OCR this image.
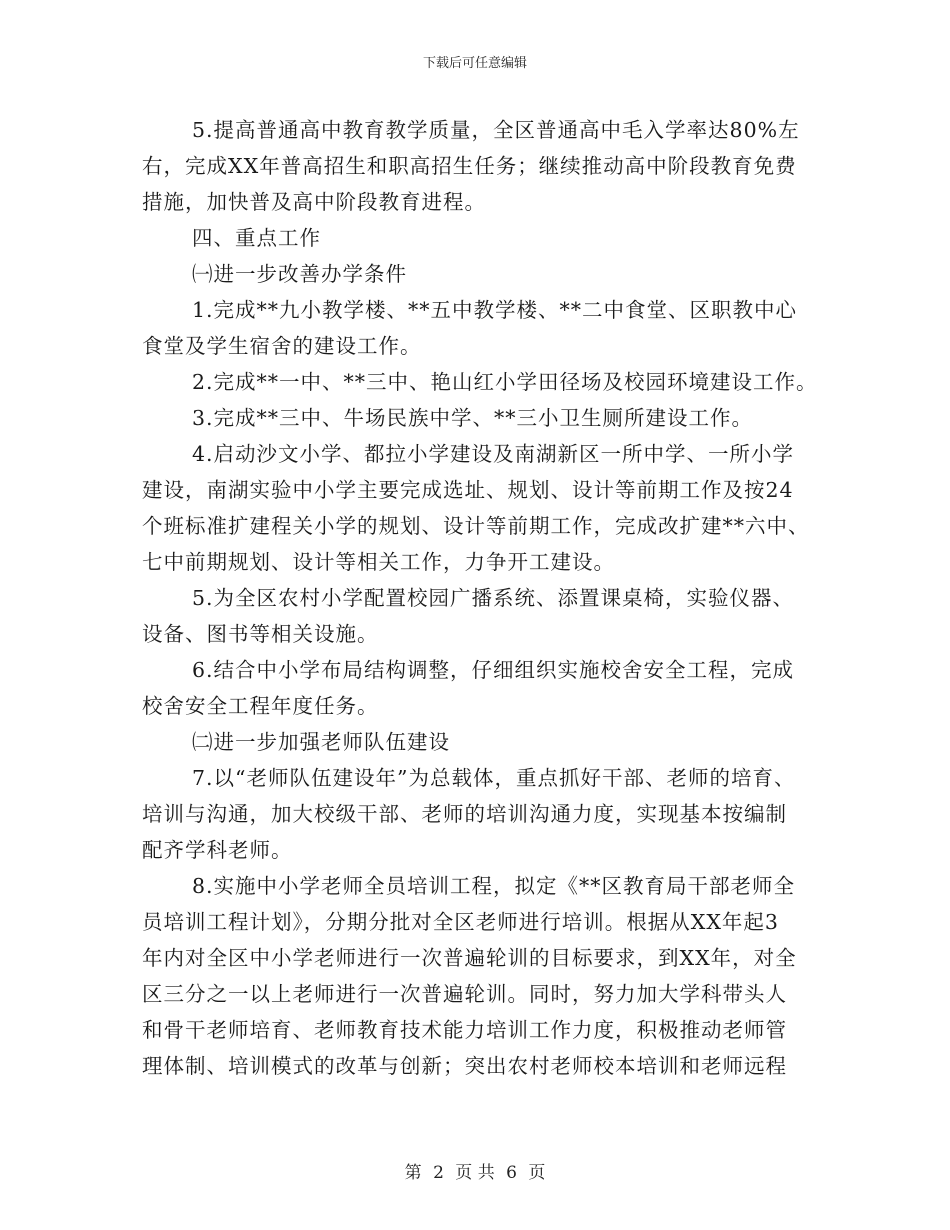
下载后可任意编辑
5.提高普通高中教育教学质量，全区普通高中毛入学率达80%左
右，完成XX年普高招生和职高招生任务；继续推动高中阶段教育免费
措施，加快普及高中阶段教育进程。
四、重点工作
㈠进一步改善办学条件
1.完成**九小教学楼、**五中教学楼、**二中食堂、区职教中心
食堂及学生宿舍的建设工作。
2.完成**一中、**三中、艳山红小学田径场及校园环境建设工作。
3.完成**三中、牛场民族中学、**三小卫生厕所建设工作。
4.启动沙文小学、都拉小学建设及南湖新区一所中学、一所小学
建设，南湖实验中小学主要完成选址、规划、设计等前期工作及按24
个班标准扩建程关小学的规划、设计等前期工作，完成改扩建**六中、
七中前期规划、设计等相关工作，力争开工建设。
5.为全区农村小学配置校园广播系统、添置课桌椅，实验仪器、
设备、图书等相关设施。
6.结合中小学布局结构调整，仔细组织实施校舍安全工程，完成
校舍安全工程年度任务。
㈡进一步加强老师队伍建设
7.以“老师队伍建设年”为总载体，重点抓好干部、老师的培育、
培训与沟通，加大校级干部、老师的培训沟通力度，实现基本按编制
配齐学科老师。
8.实施中小学老师全员培训工程，拟定《**区教育局干部老师全
员培训工程计划》，分期分批对全区老师进行培训。根据从XX年起3
年内对全区中小学老师进行一次普遍轮训的目标要求，到XX年，对全
区三分之一以上老师进行一次普遍轮训。同时，努力加大学科带头人
和骨干老师培育、老师教育技术能力培训工作力度，积极推动老师管
理体制、培训模式的改革与创新；突出农村老师校本培训和老师远程
第 2 页 共 6 页
